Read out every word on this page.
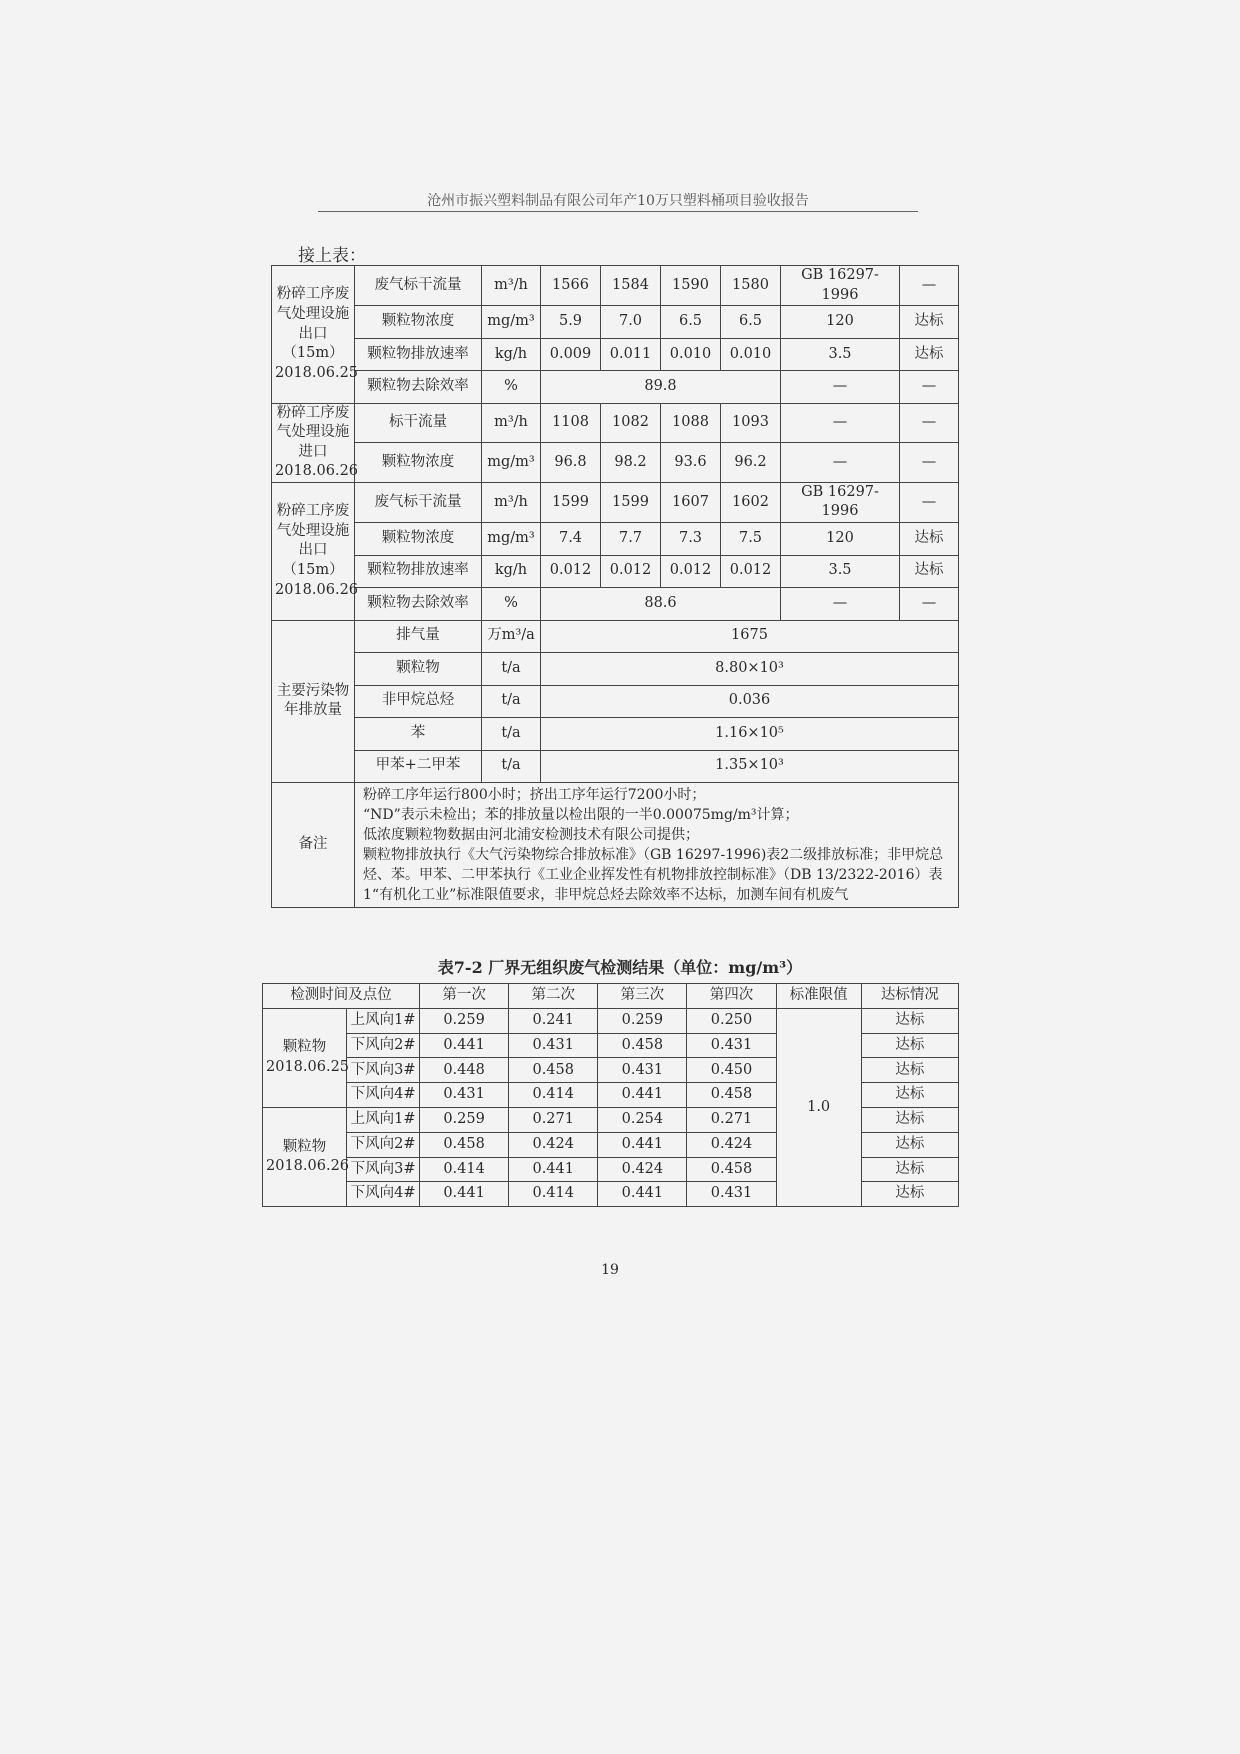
沧州市振兴塑料制品有限公司年产10万只塑料桶项目验收报告
接上表：
粉碎工序废气处理设施出口（15m）2018.06.25	废气标干流量	m³/h	1566	1584	1590	1580	GB 16297-1996	—
	颗粒物浓度	mg/m³	5.9	7.0	6.5	6.5	120	达标
	颗粒物排放速率	kg/h	0.009	0.011	0.010	0.010	3.5	达标
	颗粒物去除效率	%	89.8				—	—
粉碎工序废气处理设施进口2018.06.26	标干流量	m³/h	1108	1082	1088	1093	—	—
	颗粒物浓度	mg/m³	96.8	98.2	93.6	96.2	—	—
粉碎工序废气处理设施出口（15m）2018.06.26	废气标干流量	m³/h	1599	1599	1607	1602	GB 16297-1996	—
	颗粒物浓度	mg/m³	7.4	7.7	7.3	7.5	120	达标
	颗粒物排放速率	kg/h	0.012	0.012	0.012	0.012	3.5	达标
	颗粒物去除效率	%	88.6				—	—
主要污染物年排放量	排气量	万m³/a	1675					
	颗粒物	t/a	8.80×10³					
	非甲烷总烃	t/a	0.036					
	苯	t/a	1.16×10⁵					
	甲苯+二甲苯	t/a	1.35×10³					
备注	粉碎工序年运行800小时；挤出工序年运行7200小时；
“ND”表示未检出；苯的排放量以检出限的一半0.00075mg/m³计算；
低浓度颗粒物数据由河北浦安检测技术有限公司提供；
颗粒物排放执行《大气污染物综合排放标准》（GB 16297-1996)表2二级排放标准；非甲烷总烃、苯。甲苯、二甲苯执行《工业企业挥发性有机物排放控制标准》（DB 13/2322-2016）表1“有机化工业”标准限值要求，非甲烷总烃去除效率不达标，加测车间有机废气							
表7-2 厂界无组织废气检测结果（单位：mg/m³）
检测时间及点位		第一次	第二次	第三次	第四次	标准限值	达标情况
颗粒物 2018.06.25	上风向1#	0.259	0.241	0.259	0.250	1.0	达标
	下风向2#	0.441	0.431	0.458	0.431		达标
	下风向3#	0.448	0.458	0.431	0.450		达标
	下风向4#	0.431	0.414	0.441	0.458		达标
颗粒物 2018.06.26	上风向1#	0.259	0.271	0.254	0.271		达标
	下风向2#	0.458	0.424	0.441	0.424		达标
	下风向3#	0.414	0.441	0.424	0.458		达标
	下风向4#	0.441	0.414	0.441	0.431		达标
19
